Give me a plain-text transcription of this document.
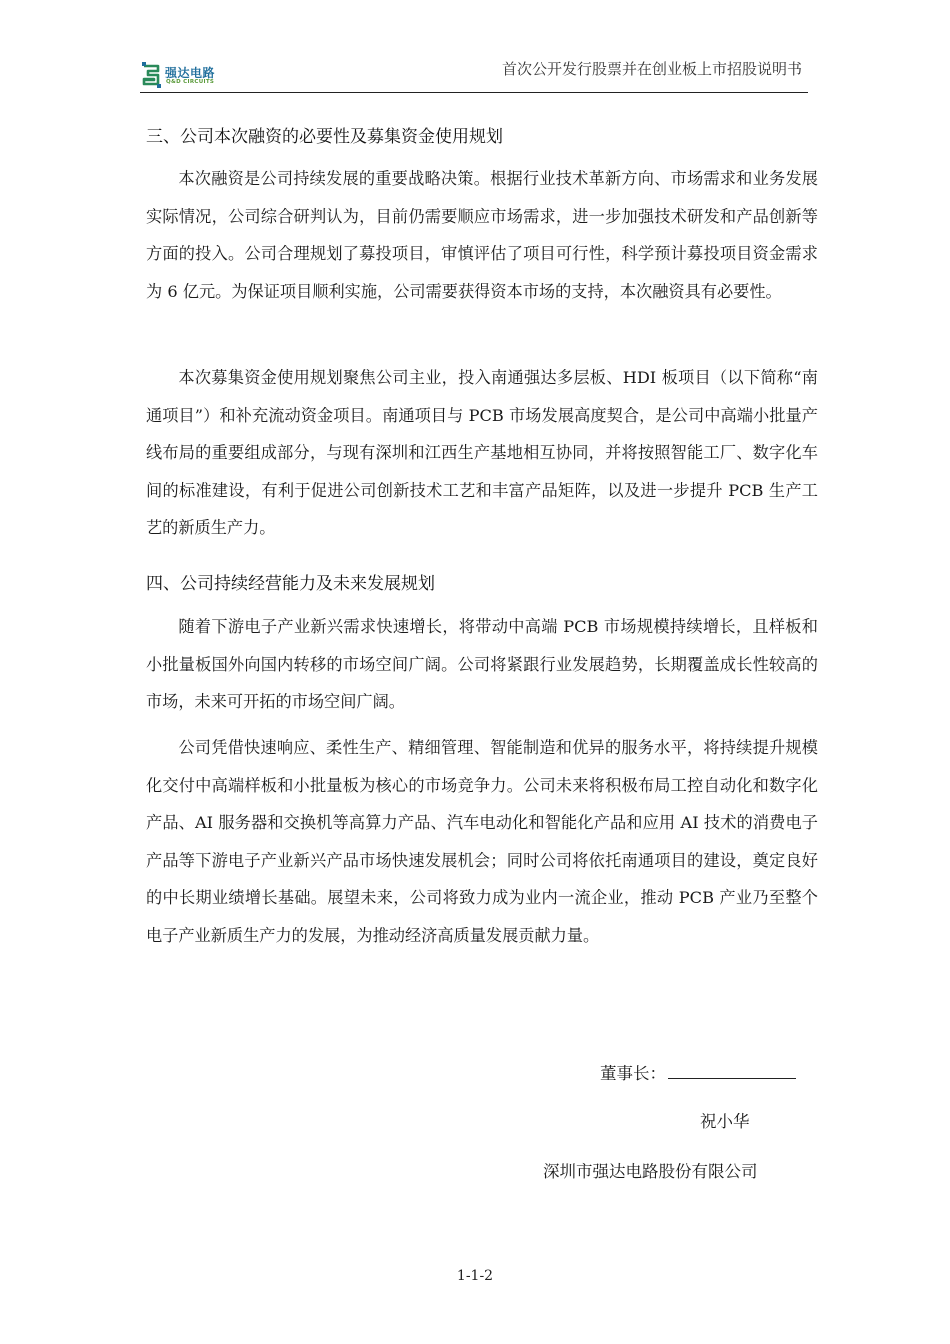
强达电路
Q&D CIRCUITS
首次公开发行股票并在创业板上市招股说明书
三、公司本次融资的必要性及募集资金使用规划

本次融资是公司持续发展的重要战略决策。根据行业技术革新方向、市场需求和业务发展实际情况，公司综合研判认为，目前仍需要顺应市场需求，进一步加强技术研发和产品创新等方面的投入。公司合理规划了募投项目，审慎评估了项目可行性，科学预计募投项目资金需求为 6 亿元。为保证项目顺利实施，公司需要获得资本市场的支持，本次融资具有必要性。

本次募集资金使用规划聚焦公司主业，投入南通强达多层板、HDI 板项目（以下简称“南通项目”）和补充流动资金项目。南通项目与 PCB 市场发展高度契合，是公司中高端小批量产线布局的重要组成部分，与现有深圳和江西生产基地相互协同，并将按照智能工厂、数字化车间的标准建设，有利于促进公司创新技术工艺和丰富产品矩阵，以及进一步提升 PCB 生产工艺的新质生产力。

四、公司持续经营能力及未来发展规划

随着下游电子产业新兴需求快速增长，将带动中高端 PCB 市场规模持续增长，且样板和小批量板国外向国内转移的市场空间广阔。公司将紧跟行业发展趋势，长期覆盖成长性较高的市场，未来可开拓的市场空间广阔。

公司凭借快速响应、柔性生产、精细管理、智能制造和优异的服务水平，将持续提升规模化交付中高端样板和小批量板为核心的市场竞争力。公司未来将积极布局工控自动化和数字化产品、AI 服务器和交换机等高算力产品、汽车电动化和智能化产品和应用 AI 技术的消费电子产品等下游电子产业新兴产品市场快速发展机会；同时公司将依托南通项目的建设，奠定良好的中长期业绩增长基础。展望未来，公司将致力成为业内一流企业，推动 PCB 产业乃至整个电子产业新质生产力的发展，为推动经济高质量发展贡献力量。

董事长：
祝小华
深圳市强达电路股份有限公司
1-1-2
